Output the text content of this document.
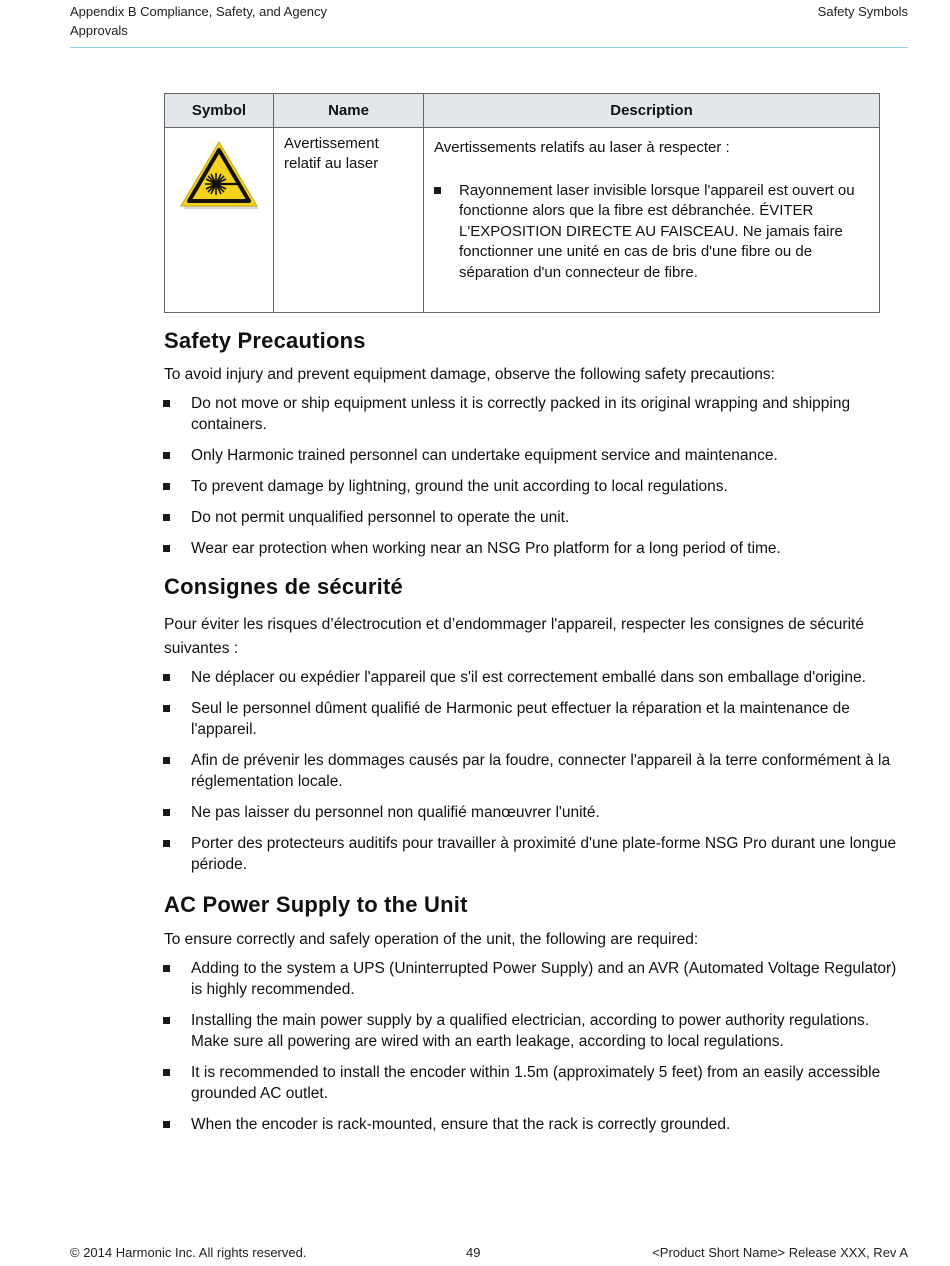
Appendix B Compliance, Safety, and Agency Approvals
Safety Symbols
Symbol	Name	Description
	Avertissement relatif au laser	Avertissements relatifs au laser à respecter :

Rayonnement laser invisible lorsque l'appareil est ouvert ou fonctionne alors que la fibre est débranchée. ÉVITER L'EXPOSITION DIRECTE AU FAISCEAU. Ne jamais faire fonctionner une unité en cas de bris d'une fibre ou de séparation d'un connecteur de fibre.
Safety Precautions

To avoid injury and prevent equipment damage, observe the following safety precautions:

Do not move or ship equipment unless it is correctly packed in its original wrapping and shipping containers.
Only Harmonic trained personnel can undertake equipment service and maintenance.
To prevent damage by lightning, ground the unit according to local regulations.
Do not permit unqualified personnel to operate the unit.
Wear ear protection when working near an NSG Pro platform for a long period of time.
Consignes de sécurité

Pour éviter les risques d’électrocution et d’endommager l'appareil, respecter les consignes de sécurité suivantes :

Ne déplacer ou expédier l'appareil que s'il est correctement emballé dans son emballage d'origine.
Seul le personnel dûment qualifié de Harmonic peut effectuer la réparation et la maintenance de l'appareil.
Afin de prévenir les dommages causés par la foudre, connecter l'appareil à la terre conformément à la réglementation locale.
Ne pas laisser du personnel non qualifié manœuvrer l'unité.
Porter des protecteurs auditifs pour travailler à proximité d'une plate-forme NSG Pro durant une longue période.
AC Power Supply to the Unit

To ensure correctly and safely operation of the unit, the following are required:

Adding to the system a UPS (Uninterrupted Power Supply) and an AVR (Automated Voltage Regulator) is highly recommended.
Installing the main power supply by a qualified electrician, according to power authority regulations. Make sure all powering are wired with an earth leakage, according to local regulations.
It is recommended to install the encoder within 1.5m (approximately 5 feet) from an easily accessible grounded AC outlet.
When the encoder is rack-mounted, ensure that the rack is correctly grounded.
© 2014 Harmonic Inc. All rights reserved.	49	<Product Short Name> Release XXX, Rev A
